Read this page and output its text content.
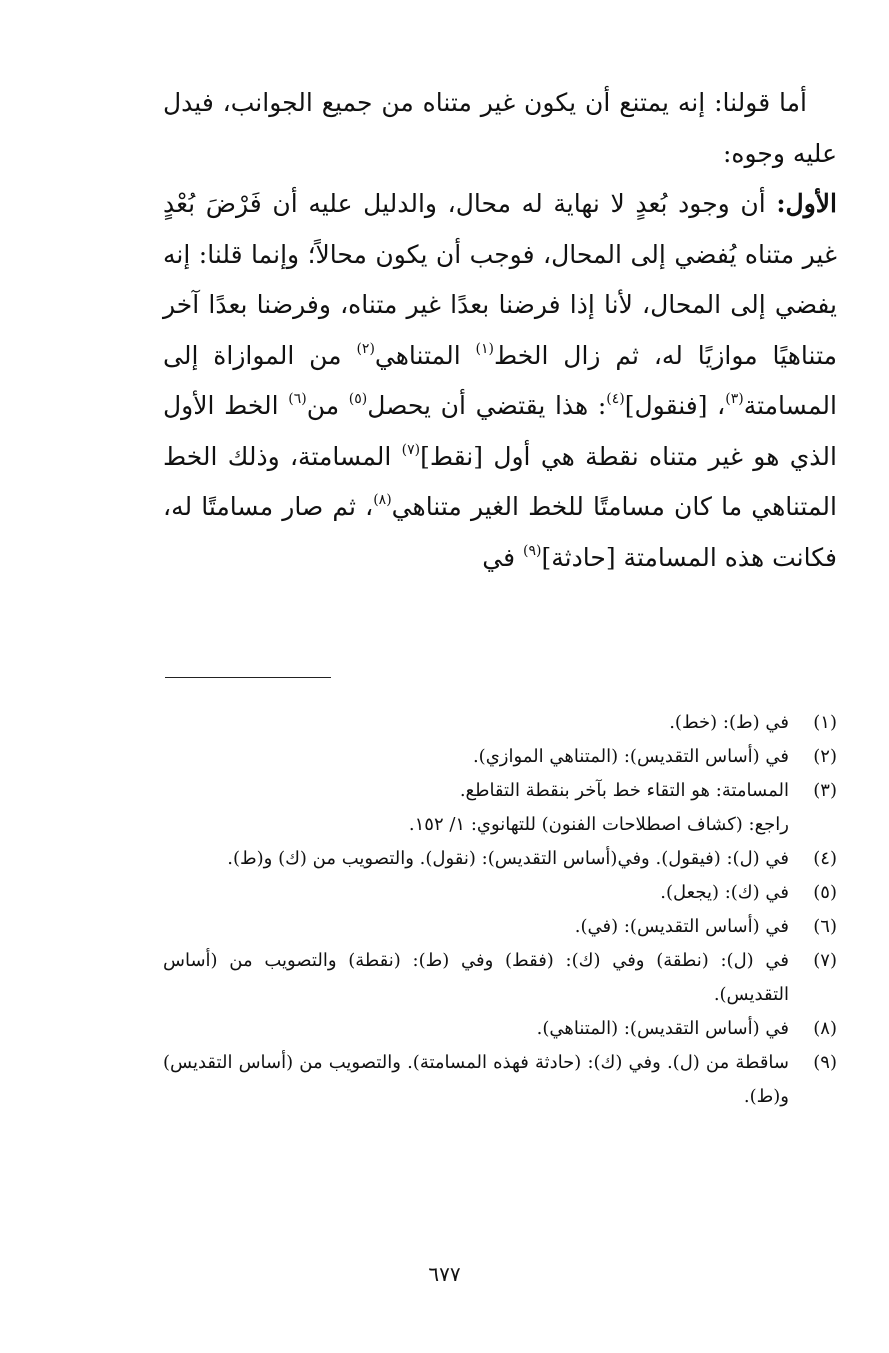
أما قولنا: إنه يمتنع أن يكون غير متناه من جميع الجوانب، فيدل عليه وجوه:

الأول: أن وجود بُعدٍ لا نهاية له محال، والدليل عليه أن فَرْضَ بُعْدٍ غير متناه يُفضي إلى المحال، فوجب أن يكون محالاً؛ وإنما قلنا: إنه يفضي إلى المحال، لأنا إذا فرضنا بعدًا غير متناه، وفرضنا بعدًا آخر متناهيًا موازيًا له، ثم زال الخط$^{(١)}$ المتناهي$^{(٢)}$ من الموازاة إلى المسامتة$^{(٣)}$، [فنقول]$^{(٤)}$: هذا يقتضي أن يحصل$^{(٥)}$ من$^{(٦)}$ الخط الأول الذي هو غير متناه نقطة هي أول [نقط]$^{(٧)}$ المسامتة، وذلك الخط المتناهي ما كان مسامتًا للخط الغير متناهي$^{(٨)}$، ثم صار مسامتًا له، فكانت هذه المسامتة [حادثة]$^{(٩)}$ في

(١)
في (ط): (خط).
(٢)
في (أساس التقديس): (المتناهي الموازي).
(٣)
المسامتة: هو التقاء خط بآخر بنقطة التقاطع.
راجع: (كشاف اصطلاحات الفنون) للتهانوي: ١/ ١٥٢.
(٤)
في (ل): (فيقول). وفي(أساس التقديس): (نقول). والتصويب من (ك) و(ط).
(٥)
في (ك): (يجعل).
(٦)
في (أساس التقديس): (في).
(٧)
في (ل): (نطقة) وفي (ك): (فقط) وفي (ط): (نقطة) والتصويب من (أساس التقديس).
(٨)
في (أساس التقديس): (المتناهي).
(٩)
ساقطة من (ل). وفي (ك): (حادثة فهذه المسامتة). والتصويب من (أساس التقديس) و(ط).
٦٧٧
